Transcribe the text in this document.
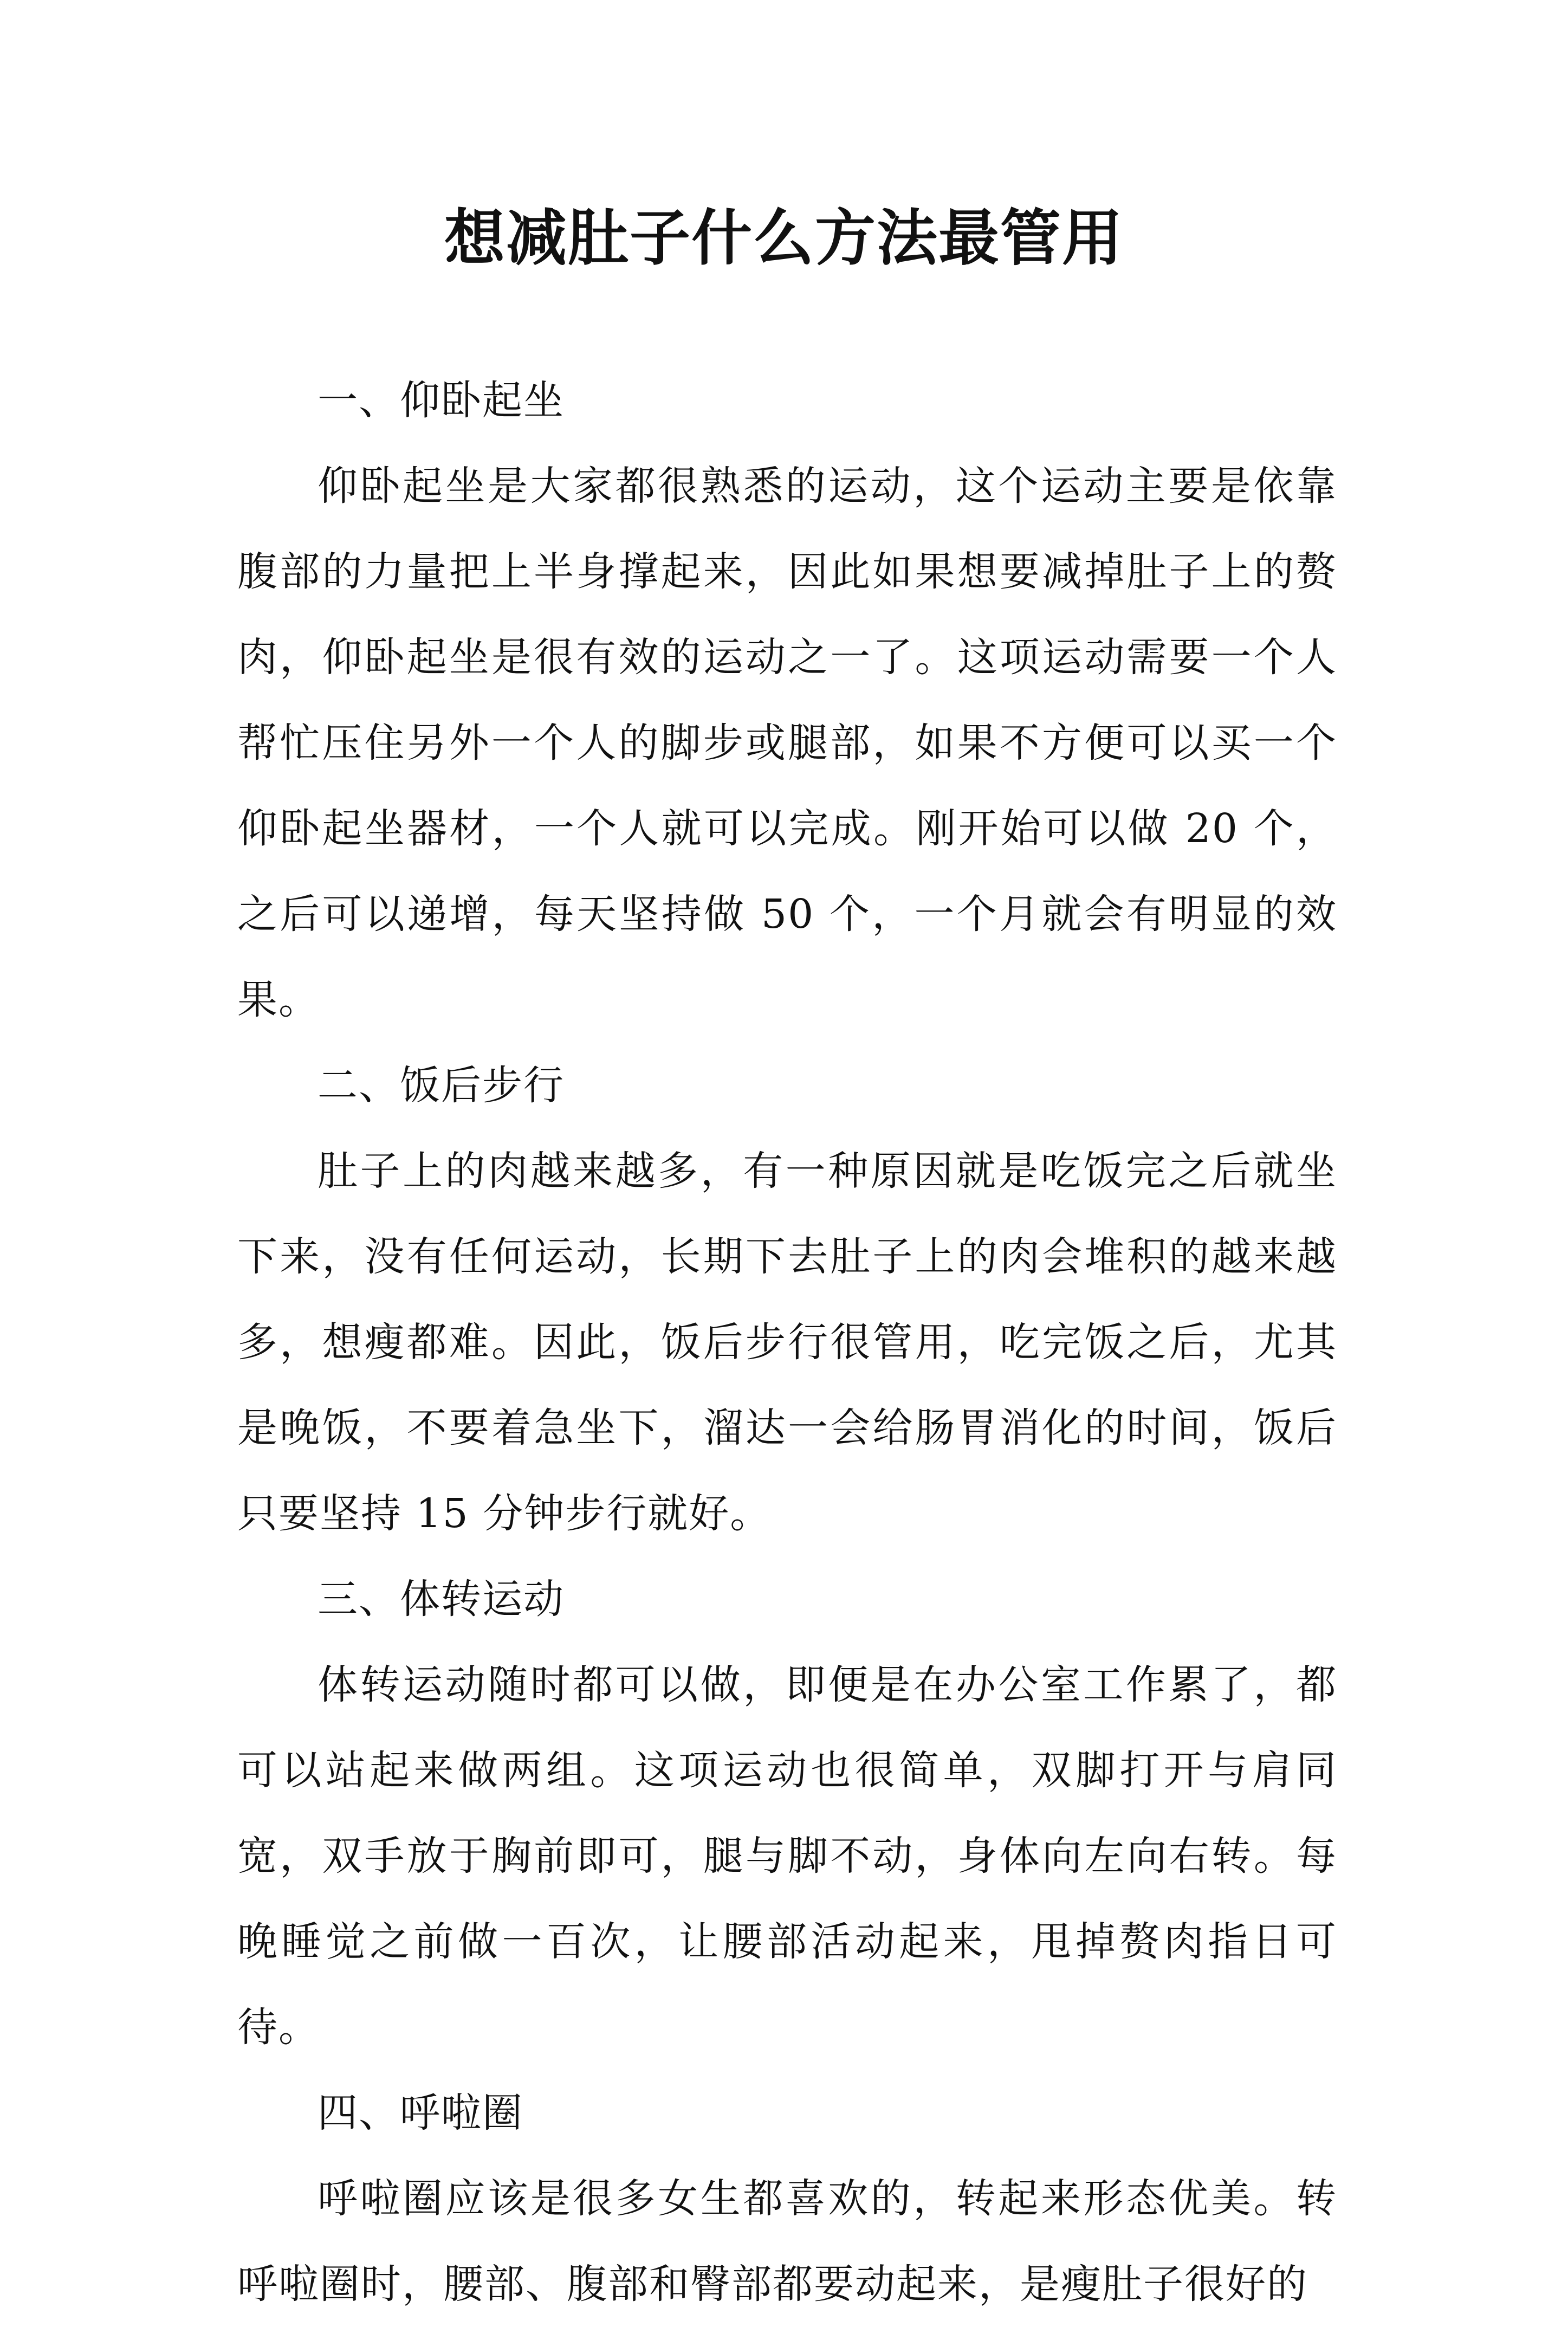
想减肚子什么方法最管用

一、仰卧起坐

仰卧起坐是大家都很熟悉的运动，这个运动主要是依靠腹部的力量把上半身撑起来，因此如果想要减掉肚子上的赘肉，仰卧起坐是很有效的运动之一了。这项运动需要一个人帮忙压住另外一个人的脚步或腿部，如果不方便可以买一个仰卧起坐器材，一个人就可以完成。刚开始可以做 20 个，之后可以递增，每天坚持做 50 个，一个月就会有明显的效果。

二、饭后步行

肚子上的肉越来越多，有一种原因就是吃饭完之后就坐下来，没有任何运动，长期下去肚子上的肉会堆积的越来越多，想瘦都难。因此，饭后步行很管用，吃完饭之后，尤其是晚饭，不要着急坐下，溜达一会给肠胃消化的时间，饭后只要坚持 15 分钟步行就好。

三、体转运动

体转运动随时都可以做，即便是在办公室工作累了，都可以站起来做两组。这项运动也很简单，双脚打开与肩同宽，双手放于胸前即可，腿与脚不动，身体向左向右转。每晚睡觉之前做一百次，让腰部活动起来，甩掉赘肉指日可待。

四、呼啦圈

呼啦圈应该是很多女生都喜欢的，转起来形态优美。转呼啦圈时，腰部、腹部和臀部都要动起来，是瘦肚子很好的
